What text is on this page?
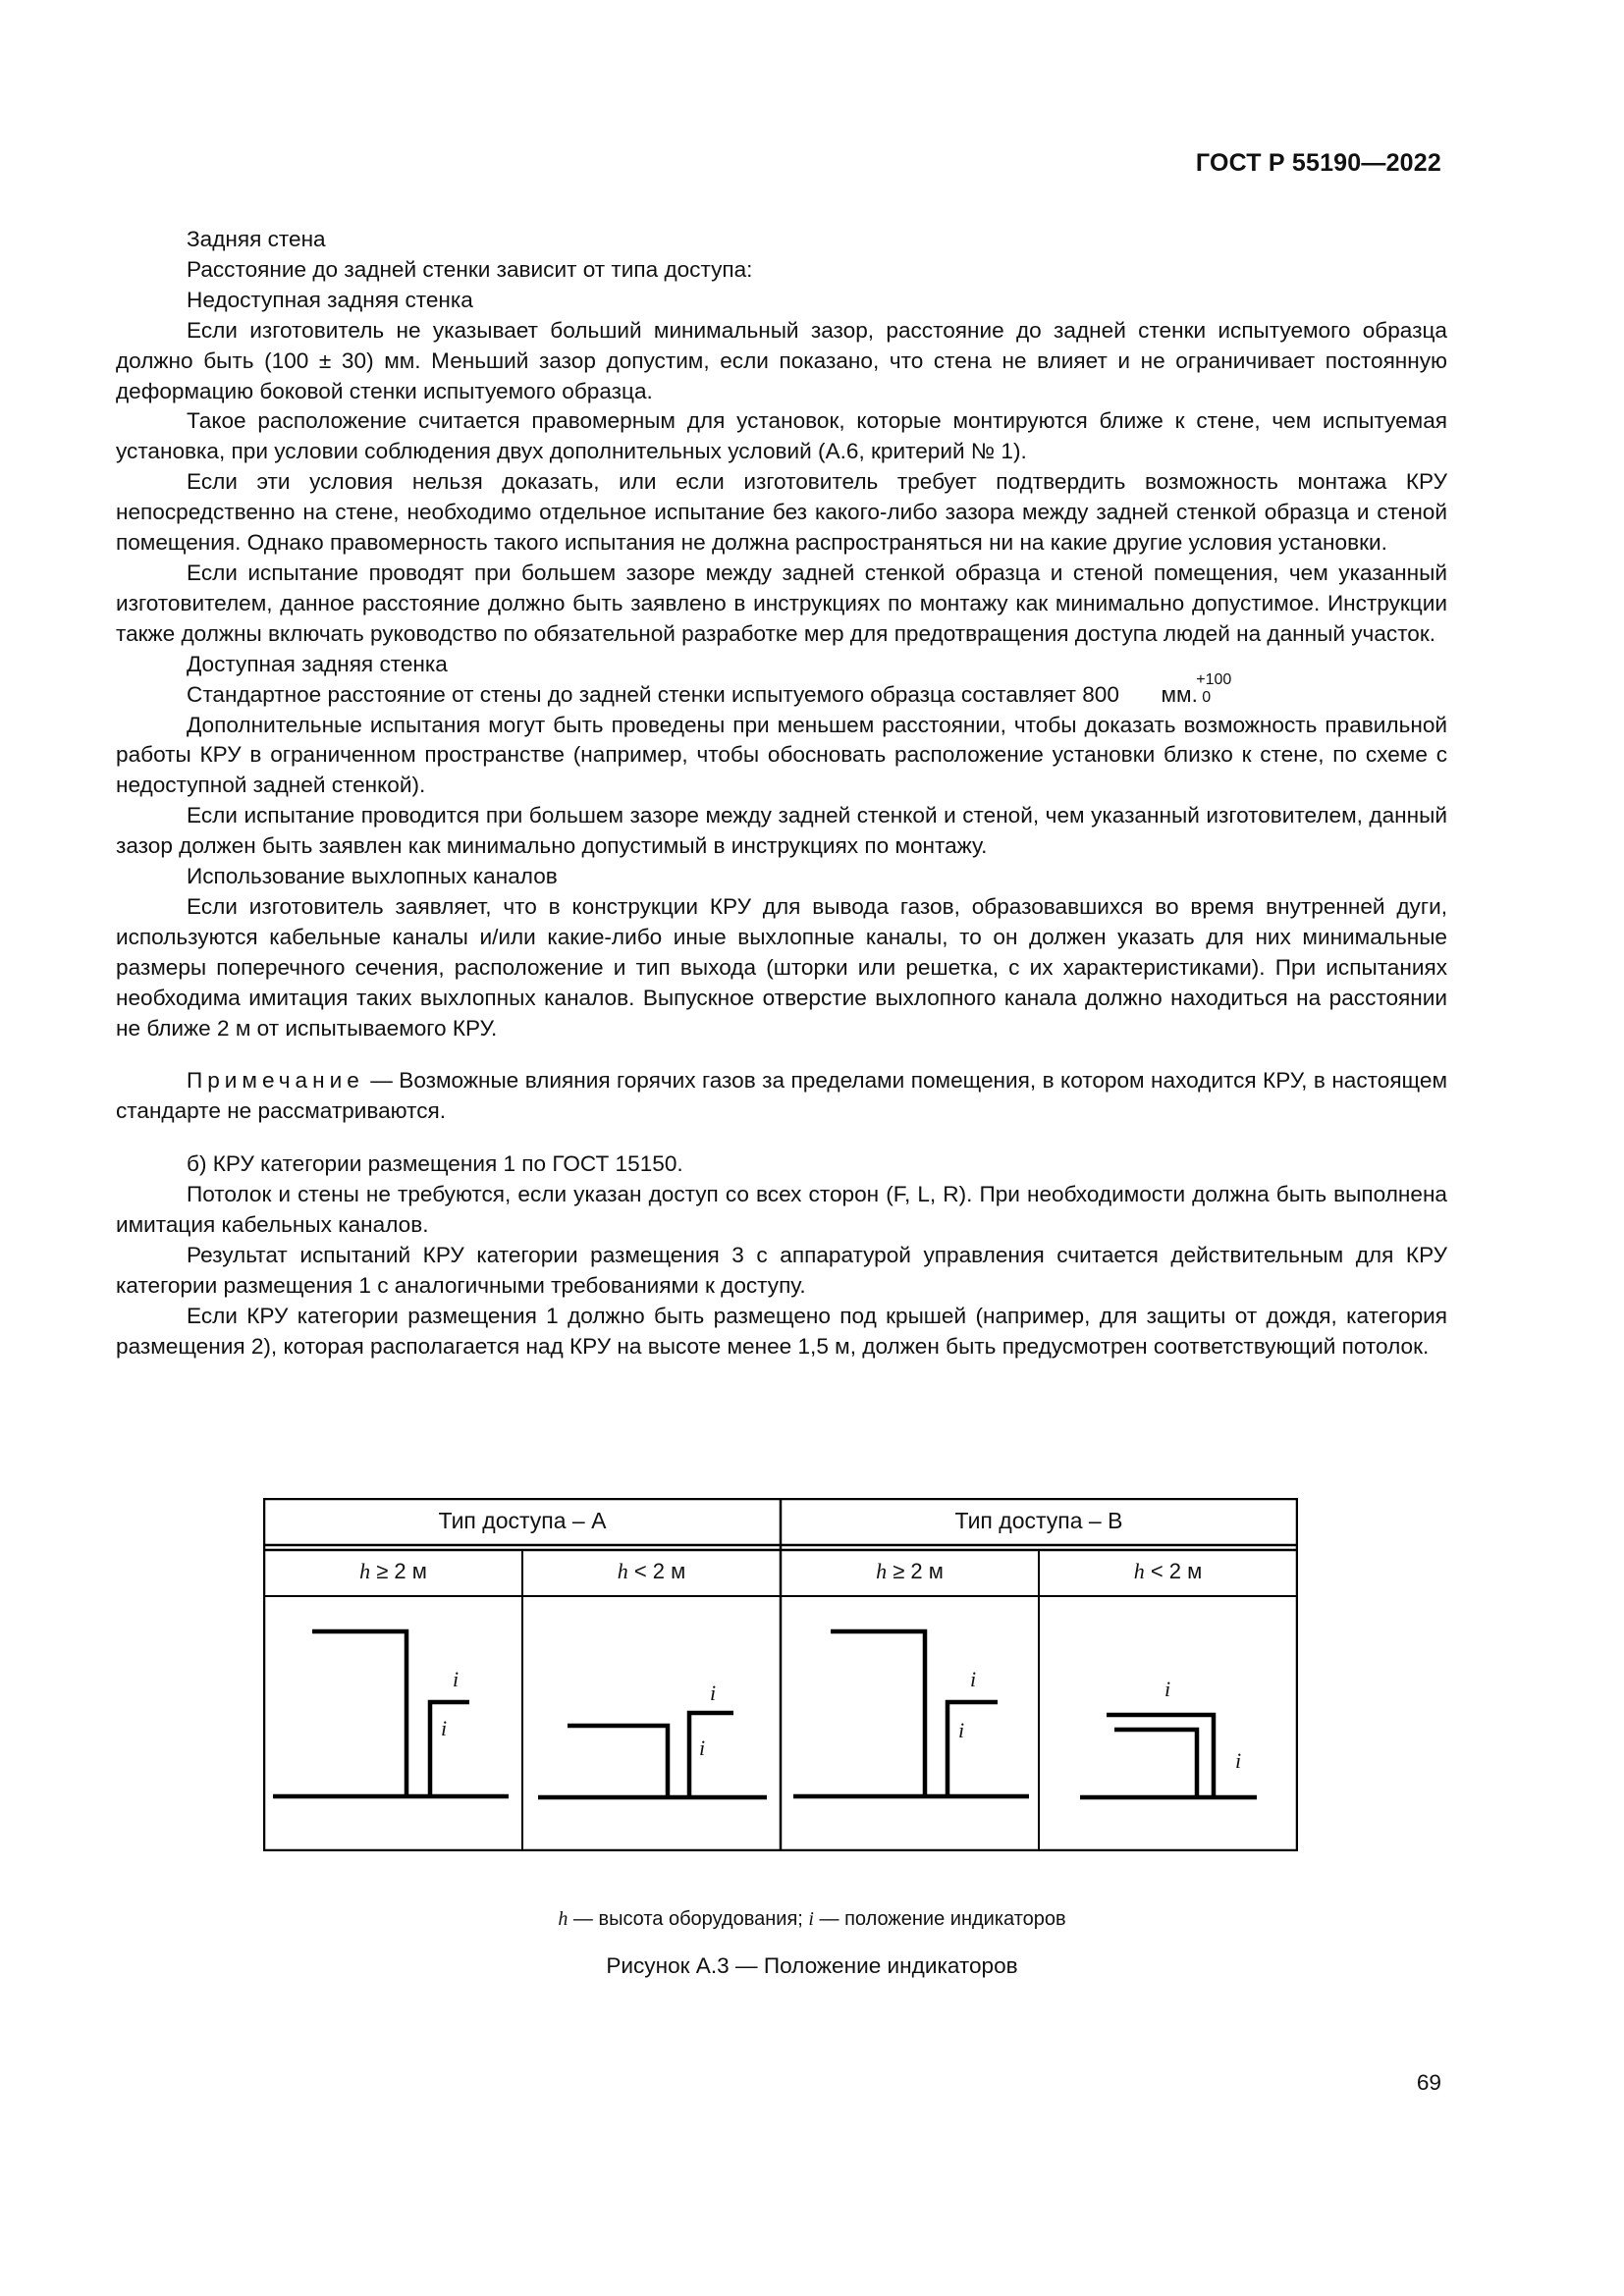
ГОСТ Р 55190—2022

Задняя стена

Расстояние до задней стенки зависит от типа доступа:

Недоступная задняя стенка

Если изготовитель не указывает больший минимальный зазор, расстояние до задней стенки испытуемого образца должно быть (100 ± 30) мм. Меньший зазор допустим, если показано, что стена не влияет и не ограничивает постоянную деформацию боковой стенки испытуемого образца.

Такое расположение считается правомерным для установок, которые монтируются ближе к стене, чем испытуемая установка, при условии соблюдения двух дополнительных условий (А.6, критерий № 1).

Если эти условия нельзя доказать, или если изготовитель требует подтвердить возможность монтажа КРУ непосредственно на стене, необходимо отдельное испытание без какого-либо зазора между задней стенкой образца и стеной помещения. Однако правомерность такого испытания не должна распространяться ни на какие другие условия установки.

Если испытание проводят при большем зазоре между задней стенкой образца и стеной помещения, чем указанный изготовителем, данное расстояние должно быть заявлено в инструкциях по монтажу как минимально допустимое. Инструкции также должны включать руководство по обязательной разработке мер для предотвращения доступа людей на данный участок.

Доступная задняя стенка

Стандартное расстояние от стены до задней стенки испытуемого образца составляет 800
+100
0
мм.

Дополнительные испытания могут быть проведены при меньшем расстоянии, чтобы доказать возможность правильной работы КРУ в ограниченном пространстве (например, чтобы обосновать расположение установки близко к стене, по схеме с недоступной задней стенкой).

Если испытание проводится при большем зазоре между задней стенкой и стеной, чем указанный изготовителем, данный зазор должен быть заявлен как минимально допустимый в инструкциях по монтажу.

Использование выхлопных каналов

Если изготовитель заявляет, что в конструкции КРУ для вывода газов, образовавшихся во время внутренней дуги, используются кабельные каналы и/или какие-либо иные выхлопные каналы, то он должен указать для них минимальные размеры поперечного сечения, расположение и тип выхода (шторки или решетка, с их характеристиками). При испытаниях необходима имитация таких выхлопных каналов. Выпускное отверстие выхлопного канала должно находиться на расстоянии не ближе 2 м от испытываемого КРУ.

Примечание — Возможные влияния горячих газов за пределами помещения, в котором находится КРУ, в настоящем стандарте не рассматриваются.

б) КРУ категории размещения 1 по ГОСТ 15150.

Потолок и стены не требуются, если указан доступ со всех сторон (F, L, R). При необходимости должна быть выполнена имитация кабельных каналов.

Результат испытаний КРУ категории размещения 3 с аппаратурой управления считается действительным для КРУ категории размещения 1 с аналогичными требованиями к доступу.

Если КРУ категории размещения 1 должно быть размещено под крышей (например, для защиты от дождя, категория размещения 2), которая располагается над КРУ на высоте менее 1,5 м, должен быть предусмотрен соответствующий потолок.

Тип доступа – А	Тип доступа – В
h ≥ 2 м	h < 2 м	h ≥ 2 м	h < 2 м
i
i
i
i
i
i
i
i
h — высота оборудования; i — положение индикаторов
Рисунок А.3 — Положение индикаторов
69
